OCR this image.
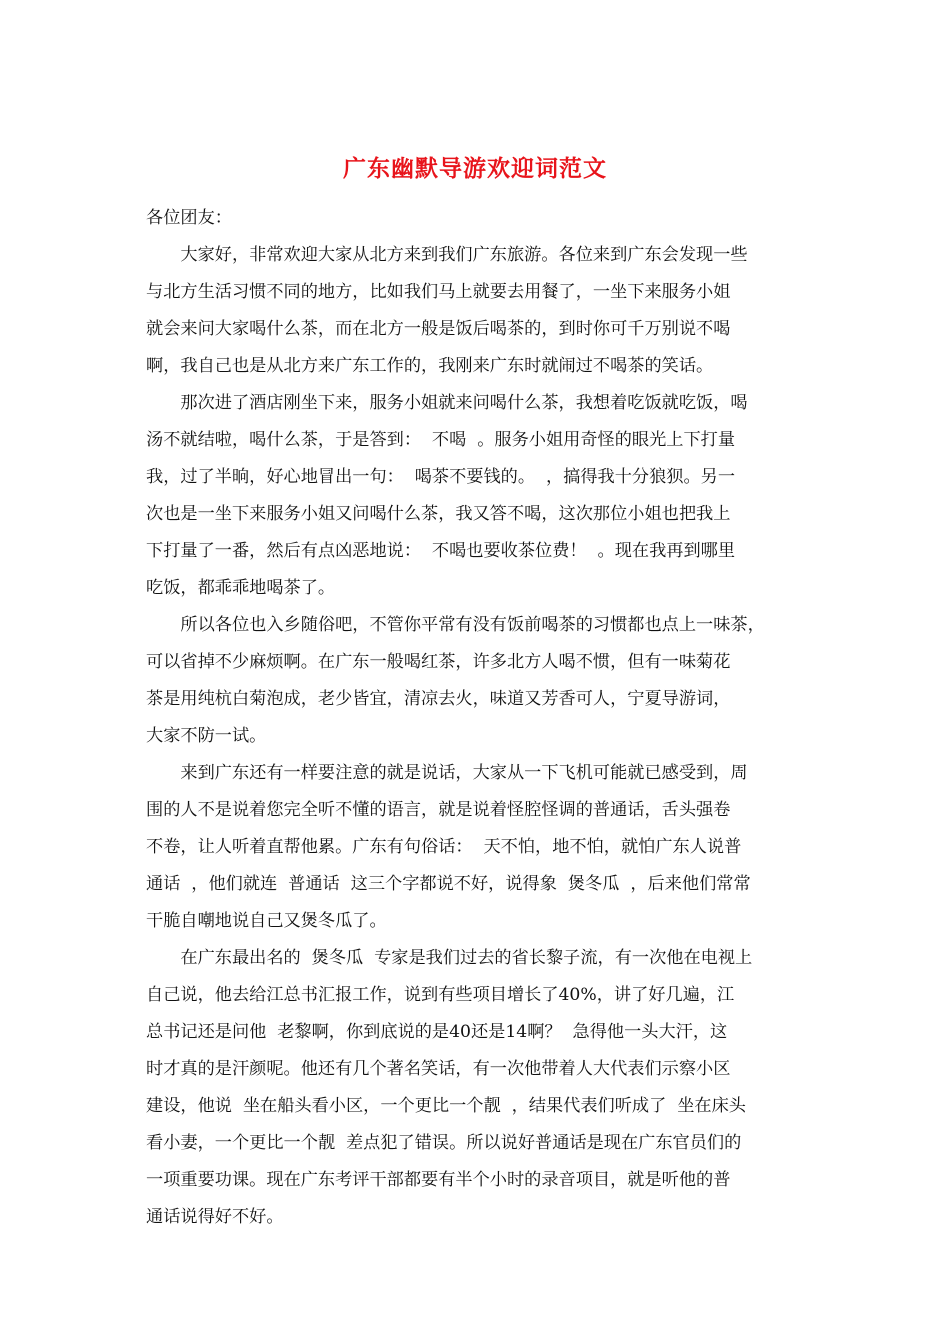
广东幽默导游欢迎词范文
各位团友：
　　大家好，非常欢迎大家从北方来到我们广东旅游。各位来到广东会发现一些
与北方生活习惯不同的地方，比如我们马上就要去用餐了，一坐下来服务小姐
就会来问大家喝什么茶，而在北方一般是饭后喝茶的，到时你可千万别说不喝
啊，我自己也是从北方来广东工作的，我刚来广东时就闹过不喝茶的笑话。
　　那次进了酒店刚坐下来，服务小姐就来问喝什么茶，我想着吃饭就吃饭，喝
汤不就结啦，喝什么茶，于是答到：  不喝  。服务小姐用奇怪的眼光上下打量
我，过了半晌，好心地冒出一句：  喝茶不要钱的。  ，搞得我十分狼狈。另一
次也是一坐下来服务小姐又问喝什么茶，我又答不喝，这次那位小姐也把我上
下打量了一番，然后有点凶恶地说：  不喝也要收茶位费！  。现在我再到哪里
吃饭，都乖乖地喝茶了。
　　所以各位也入乡随俗吧，不管你平常有没有饭前喝茶的习惯都也点上一味茶，
可以省掉不少麻烦啊。在广东一般喝红茶，许多北方人喝不惯，但有一味菊花
茶是用纯杭白菊泡成，老少皆宜，清凉去火，味道又芳香可人，宁夏导游词，
大家不防一试。
　　来到广东还有一样要注意的就是说话，大家从一下飞机可能就已感受到，周
围的人不是说着您完全听不懂的语言，就是说着怪腔怪调的普通话，舌头强卷
不卷，让人听着直帮他累。广东有句俗话：  天不怕，地不怕，就怕广东人说普
通话  ，他们就连  普通话  这三个字都说不好，说得象  煲冬瓜  ，后来他们常常
干脆自嘲地说自己又煲冬瓜了。
　　在广东最出名的  煲冬瓜  专家是我们过去的省长黎子流，有一次他在电视上
自己说，他去给江总书汇报工作，说到有些项目增长了40%，讲了好几遍，江
总书记还是问他  老黎啊，你到底说的是40还是14啊？  急得他一头大汗，这
时才真的是汗颜呢。他还有几个著名笑话，有一次他带着人大代表们示察小区
建设，他说  坐在船头看小区，一个更比一个靓  ，结果代表们听成了  坐在床头
看小妻，一个更比一个靓  差点犯了错误。所以说好普通话是现在广东官员们的
一项重要功课。现在广东考评干部都要有半个小时的录音项目，就是听他的普
通话说得好不好。
